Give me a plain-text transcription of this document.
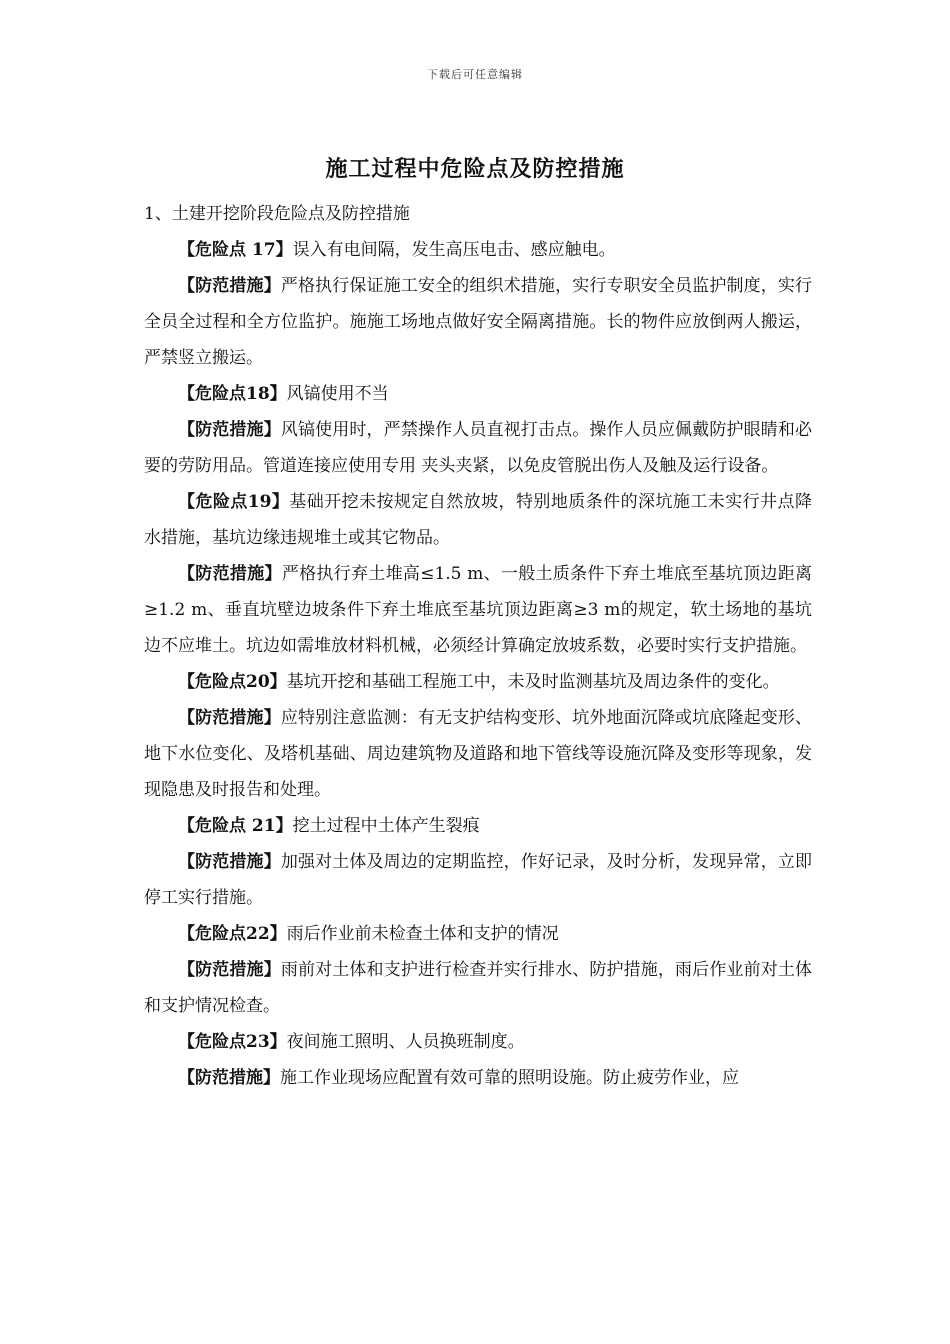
下载后可任意编辑
施工过程中危险点及防控措施

1、土建开挖阶段危险点及防控措施

【危险点 17】误入有电间隔，发生高压电击、感应触电。

【防范措施】严格执行保证施工安全的组织术措施，实行专职安全员监护制度，实行全员全过程和全方位监护。施施工场地点做好安全隔离措施。长的物件应放倒两人搬运，严禁竖立搬运。

【危险点18】风镐使用不当

【防范措施】风镐使用时，严禁操作人员直视打击点。操作人员应佩戴防护眼睛和必要的劳防用品。管道连接应使用专用 夹头夹紧，以免皮管脱出伤人及触及运行设备。

【危险点19】基础开挖未按规定自然放坡，特别地质条件的深坑施工未实行井点降水措施，基坑边缘违规堆土或其它物品。

【防范措施】严格执行弃土堆高≤1.5 m、一般土质条件下弃土堆底至基坑顶边距离≥1.2 m、垂直坑壁边坡条件下弃土堆底至基坑顶边距离≥3 m的规定，软土场地的基坑边不应堆土。坑边如需堆放材料机械，必须经计算确定放坡系数，必要时实行支护措施。

【危险点20】基坑开挖和基础工程施工中，未及时监测基坑及周边条件的变化。

【防范措施】应特别注意监测：有无支护结构变形、坑外地面沉降或坑底隆起变形、地下水位变化、及塔机基础、周边建筑物及道路和地下管线等设施沉降及变形等现象，发现隐患及时报告和处理。

【危险点 21】挖土过程中土体产生裂痕

【防范措施】加强对土体及周边的定期监控，作好记录，及时分析，发现异常，立即停工实行措施。

【危险点22】雨后作业前未检查土体和支护的情况

【防范措施】雨前对土体和支护进行检查并实行排水、防护措施，雨后作业前对土体和支护情况检查。

【危险点23】夜间施工照明、人员换班制度。

【防范措施】施工作业现场应配置有效可靠的照明设施。防止疲劳作业，应
